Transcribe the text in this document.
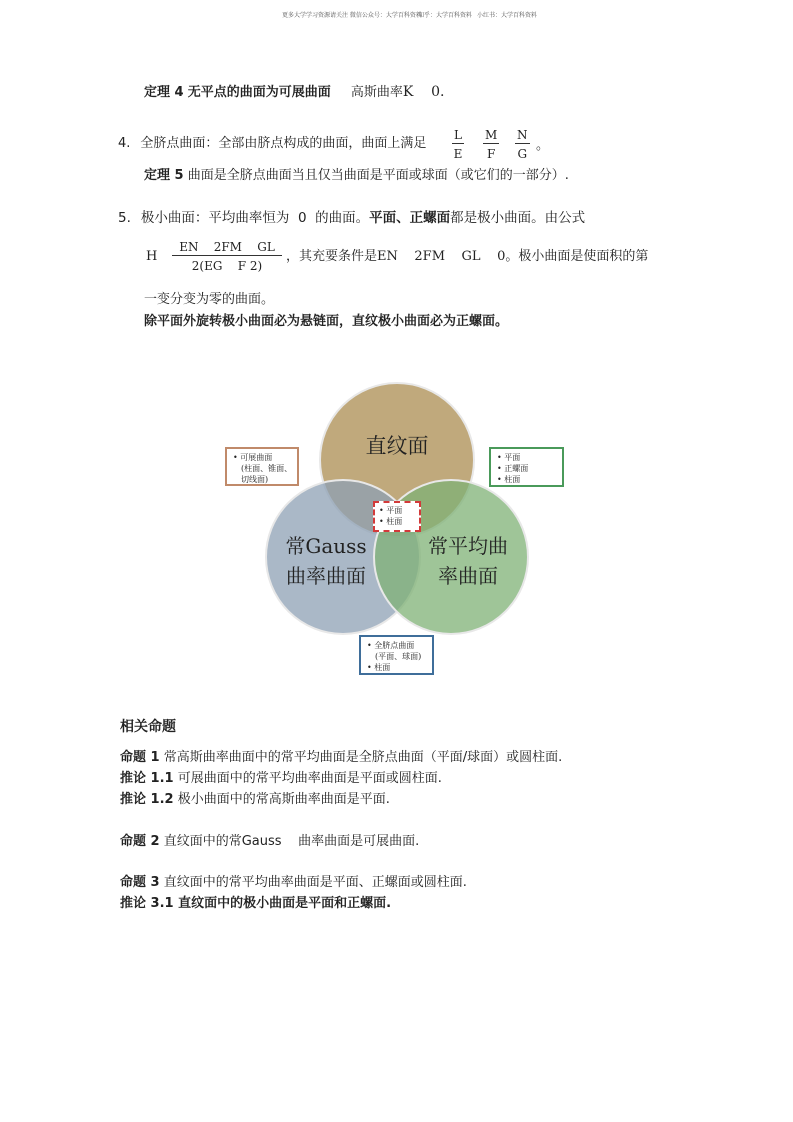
更多大学学习资源请关注 微信公众号：大学百科资料
知乎：大学百科资料 小红书：大学百科资料
定理 4 无平点的曲面为可展曲面 高斯曲率K    0.
4. 全脐点曲面：全部由脐点构成的曲面，曲面上满足 $\frac{L}{E} \frac{M}{F} \frac{N}{G}$ 。
定理 5 曲面是全脐点曲面当且仅当曲面是平面或球面（或它们的一部分）.
5. 极小曲面：平均曲率恒为  0  的曲面。平面、正螺面都是极小曲面。由公式
H $\frac{\text{EN    2FM    GL}}{\text{2(EG    F 2)}}$ ，其充要条件是EN    2FM    GL    0。极小曲面是使面积的第
一变分变为零的曲面。
除平面外旋转极小曲面必为悬链面，直纹极小曲面必为正螺面。
直纹面
常Gauss
曲率曲面
常平均曲
率曲面
• 平面
• 柱面
• 可展曲面
(柱面、锥面、
切线面)
• 平面
• 正螺面
• 柱面
• 全脐点曲面
(平面、球面)
• 柱面
相关命题
命题 1 常高斯曲率曲面中的常平均曲面是全脐点曲面（平面/球面）或圆柱面.
推论 1.1 可展曲面中的常平均曲率曲面是平面或圆柱面.
推论 1.2 极小曲面中的常高斯曲率曲面是平面.
命题 2 直纹面中的常Gauss    曲率曲面是可展曲面.
命题 3 直纹面中的常平均曲率曲面是平面、正螺面或圆柱面.
推论 3.1 直纹面中的极小曲面是平面和正螺面.
